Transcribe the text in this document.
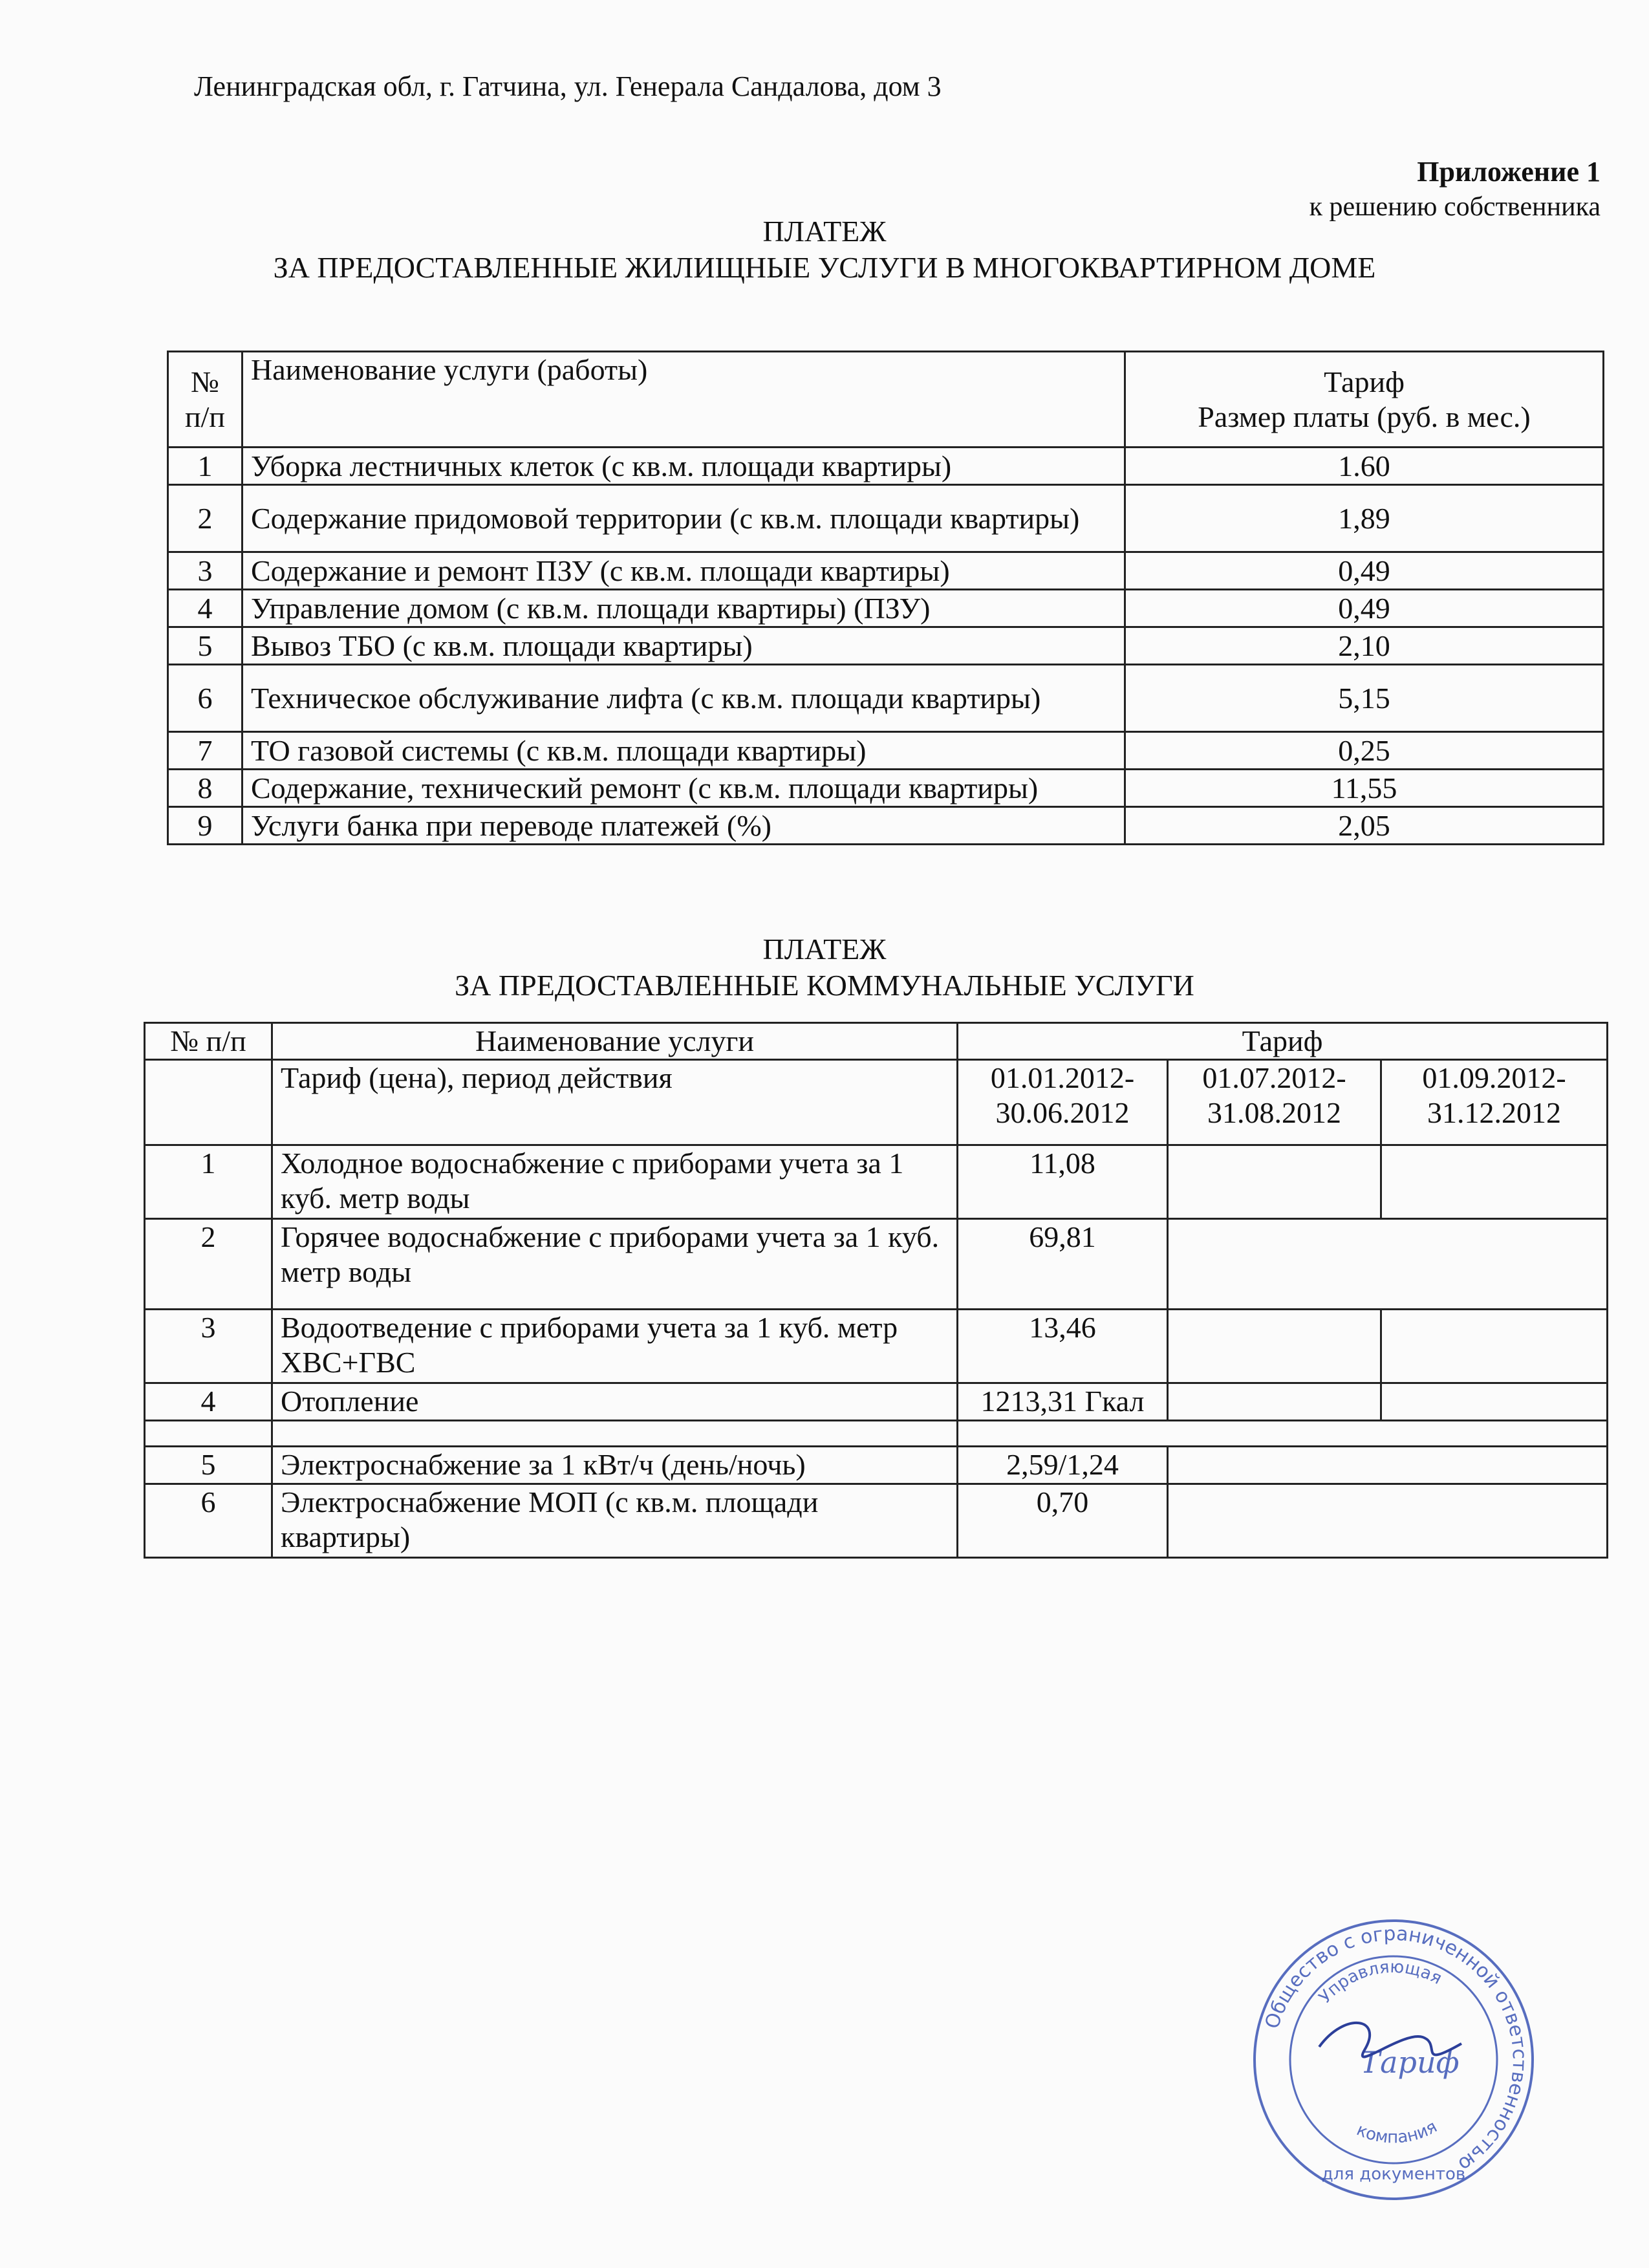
Ленинградская обл, г. Гатчина, ул. Генерала Сандалова, дом 3
Приложение 1
к решению собственника
ПЛАТЕЖ
ЗА ПРЕДОСТАВЛЕННЫЕ ЖИЛИЩНЫЕ УСЛУГИ В МНОГОКВАРТИРНОМ ДОМЕ
№ п/п	Наименование услуги (работы)	Тариф
Размер платы (руб. в мес.)

1	Уборка лестничных клеток (с кв.м. площади квартиры)	1.60
2	Содержание придомовой территории (с кв.м. площади квартиры)	1,89
3	Содержание и ремонт ПЗУ (с кв.м. площади квартиры)	0,49
4	Управление домом (с кв.м. площади квартиры) (ПЗУ)	0,49
5	Вывоз ТБО (с кв.м. площади квартиры)	2,10
6	Техническое обслуживание лифта (с кв.м. площади квартиры)	5,15
7	ТО газовой системы (с кв.м. площади квартиры)	0,25
8	Содержание, технический ремонт (с кв.м. площади квартиры)	11,55
9	Услуги банка при переводе платежей (%)	2,05
ПЛАТЕЖ
ЗА ПРЕДОСТАВЛЕННЫЕ КОММУНАЛЬНЫЕ УСЛУГИ
№ п/п	Наименование услуги	Тариф		
	Тариф (цена), период действия	01.01.2012-30.06.2012	01.07.2012-31.08.2012	01.09.2012-31.12.2012
1	Холодное водоснабжение с приборами учета за 1 куб. метр воды	11,08		
2	Горячее водоснабжение с приборами учета за 1 куб. метр воды	69,81		
3	Водоотведение с приборами учета за 1 куб. метр ХВС+ГВС	13,46		
4	Отопление	1213,31 Гкал		

5	Электроснабжение за 1 кВт/ч (день/ночь)	2,59/1,24		
6	Электроснабжение МОП (с кв.м. площади квартиры)	0,70		
Общество с ограниченной ответственностью
Управляющая
компания
для документов
Тариф
